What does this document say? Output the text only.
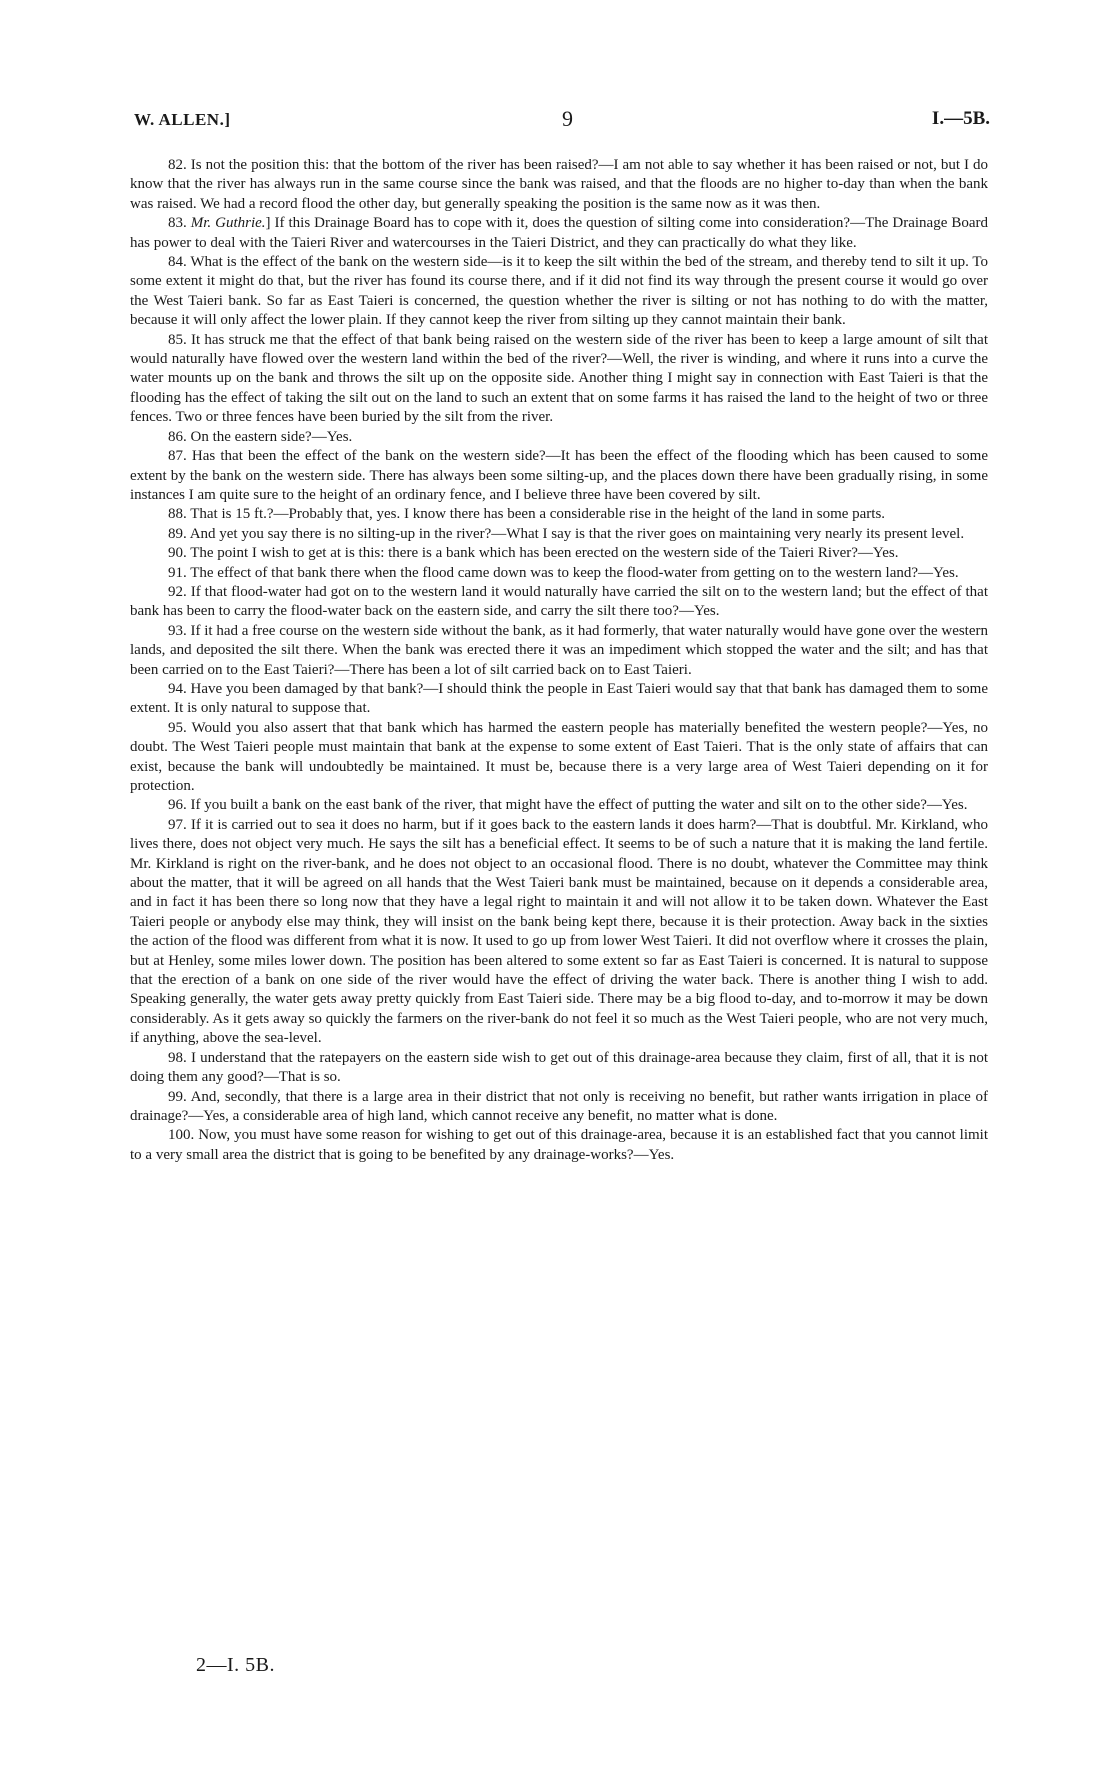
W. ALLEN.]	9	I.—5B.

82. Is not the position this: that the bottom of the river has been raised?—I am not able to say whether it has been raised or not, but I do know that the river has always run in the same course since the bank was raised, and that the floods are no higher to-day than when the bank was raised. We had a record flood the other day, but generally speaking the position is the same now as it was then.

83. Mr. Guthrie.] If this Drainage Board has to cope with it, does the question of silting come into consideration?—The Drainage Board has power to deal with the Taieri River and watercourses in the Taieri District, and they can practically do what they like.

84. What is the effect of the bank on the western side—is it to keep the silt within the bed of the stream, and thereby tend to silt it up. To some extent it might do that, but the river has found its course there, and if it did not find its way through the present course it would go over the West Taieri bank. So far as East Taieri is concerned, the question whether the river is silting or not has nothing to do with the matter, because it will only affect the lower plain. If they cannot keep the river from silting up they cannot maintain their bank.

85. It has struck me that the effect of that bank being raised on the western side of the river has been to keep a large amount of silt that would naturally have flowed over the western land within the bed of the river?—Well, the river is winding, and where it runs into a curve the water mounts up on the bank and throws the silt up on the opposite side. Another thing I might say in connection with East Taieri is that the flooding has the effect of taking the silt out on the land to such an extent that on some farms it has raised the land to the height of two or three fences. Two or three fences have been buried by the silt from the river.

86. On the eastern side?—Yes.

87. Has that been the effect of the bank on the western side?—It has been the effect of the flooding which has been caused to some extent by the bank on the western side. There has always been some silting-up, and the places down there have been gradually rising, in some instances I am quite sure to the height of an ordinary fence, and I believe three have been covered by silt.

88. That is 15 ft.?—Probably that, yes. I know there has been a considerable rise in the height of the land in some parts.

89. And yet you say there is no silting-up in the river?—What I say is that the river goes on maintaining very nearly its present level.

90. The point I wish to get at is this: there is a bank which has been erected on the western side of the Taieri River?—Yes.

91. The effect of that bank there when the flood came down was to keep the flood-water from getting on to the western land?—Yes.

92. If that flood-water had got on to the western land it would naturally have carried the silt on to the western land; but the effect of that bank has been to carry the flood-water back on the eastern side, and carry the silt there too?—Yes.

93. If it had a free course on the western side without the bank, as it had formerly, that water naturally would have gone over the western lands, and deposited the silt there. When the bank was erected there it was an impediment which stopped the water and the silt; and has that been carried on to the East Taieri?—There has been a lot of silt carried back on to East Taieri.

94. Have you been damaged by that bank?—I should think the people in East Taieri would say that that bank has damaged them to some extent. It is only natural to suppose that.

95. Would you also assert that that bank which has harmed the eastern people has materially benefited the western people?—Yes, no doubt. The West Taieri people must maintain that bank at the expense to some extent of East Taieri. That is the only state of affairs that can exist, because the bank will undoubtedly be maintained. It must be, because there is a very large area of West Taieri depending on it for protection.

96. If you built a bank on the east bank of the river, that might have the effect of putting the water and silt on to the other side?—Yes.

97. If it is carried out to sea it does no harm, but if it goes back to the eastern lands it does harm?—That is doubtful. Mr. Kirkland, who lives there, does not object very much. He says the silt has a beneficial effect. It seems to be of such a nature that it is making the land fertile. Mr. Kirkland is right on the river-bank, and he does not object to an occasional flood. There is no doubt, whatever the Committee may think about the matter, that it will be agreed on all hands that the West Taieri bank must be maintained, because on it depends a considerable area, and in fact it has been there so long now that they have a legal right to maintain it and will not allow it to be taken down. Whatever the East Taieri people or anybody else may think, they will insist on the bank being kept there, because it is their protection. Away back in the sixties the action of the flood was different from what it is now. It used to go up from lower West Taieri. It did not overflow where it crosses the plain, but at Henley, some miles lower down. The position has been altered to some extent so far as East Taieri is concerned. It is natural to suppose that the erection of a bank on one side of the river would have the effect of driving the water back. There is another thing I wish to add. Speaking generally, the water gets away pretty quickly from East Taieri side. There may be a big flood to-day, and to-morrow it may be down considerably. As it gets away so quickly the farmers on the river-bank do not feel it so much as the West Taieri people, who are not very much, if anything, above the sea-level.

98. I understand that the ratepayers on the eastern side wish to get out of this drainage-area because they claim, first of all, that it is not doing them any good?—That is so.

99. And, secondly, that there is a large area in their district that not only is receiving no benefit, but rather wants irrigation in place of drainage?—Yes, a considerable area of high land, which cannot receive any benefit, no matter what is done.

100. Now, you must have some reason for wishing to get out of this drainage-area, because it is an established fact that you cannot limit to a very small area the district that is going to be benefited by any drainage-works?—Yes.

2—I. 5B.
